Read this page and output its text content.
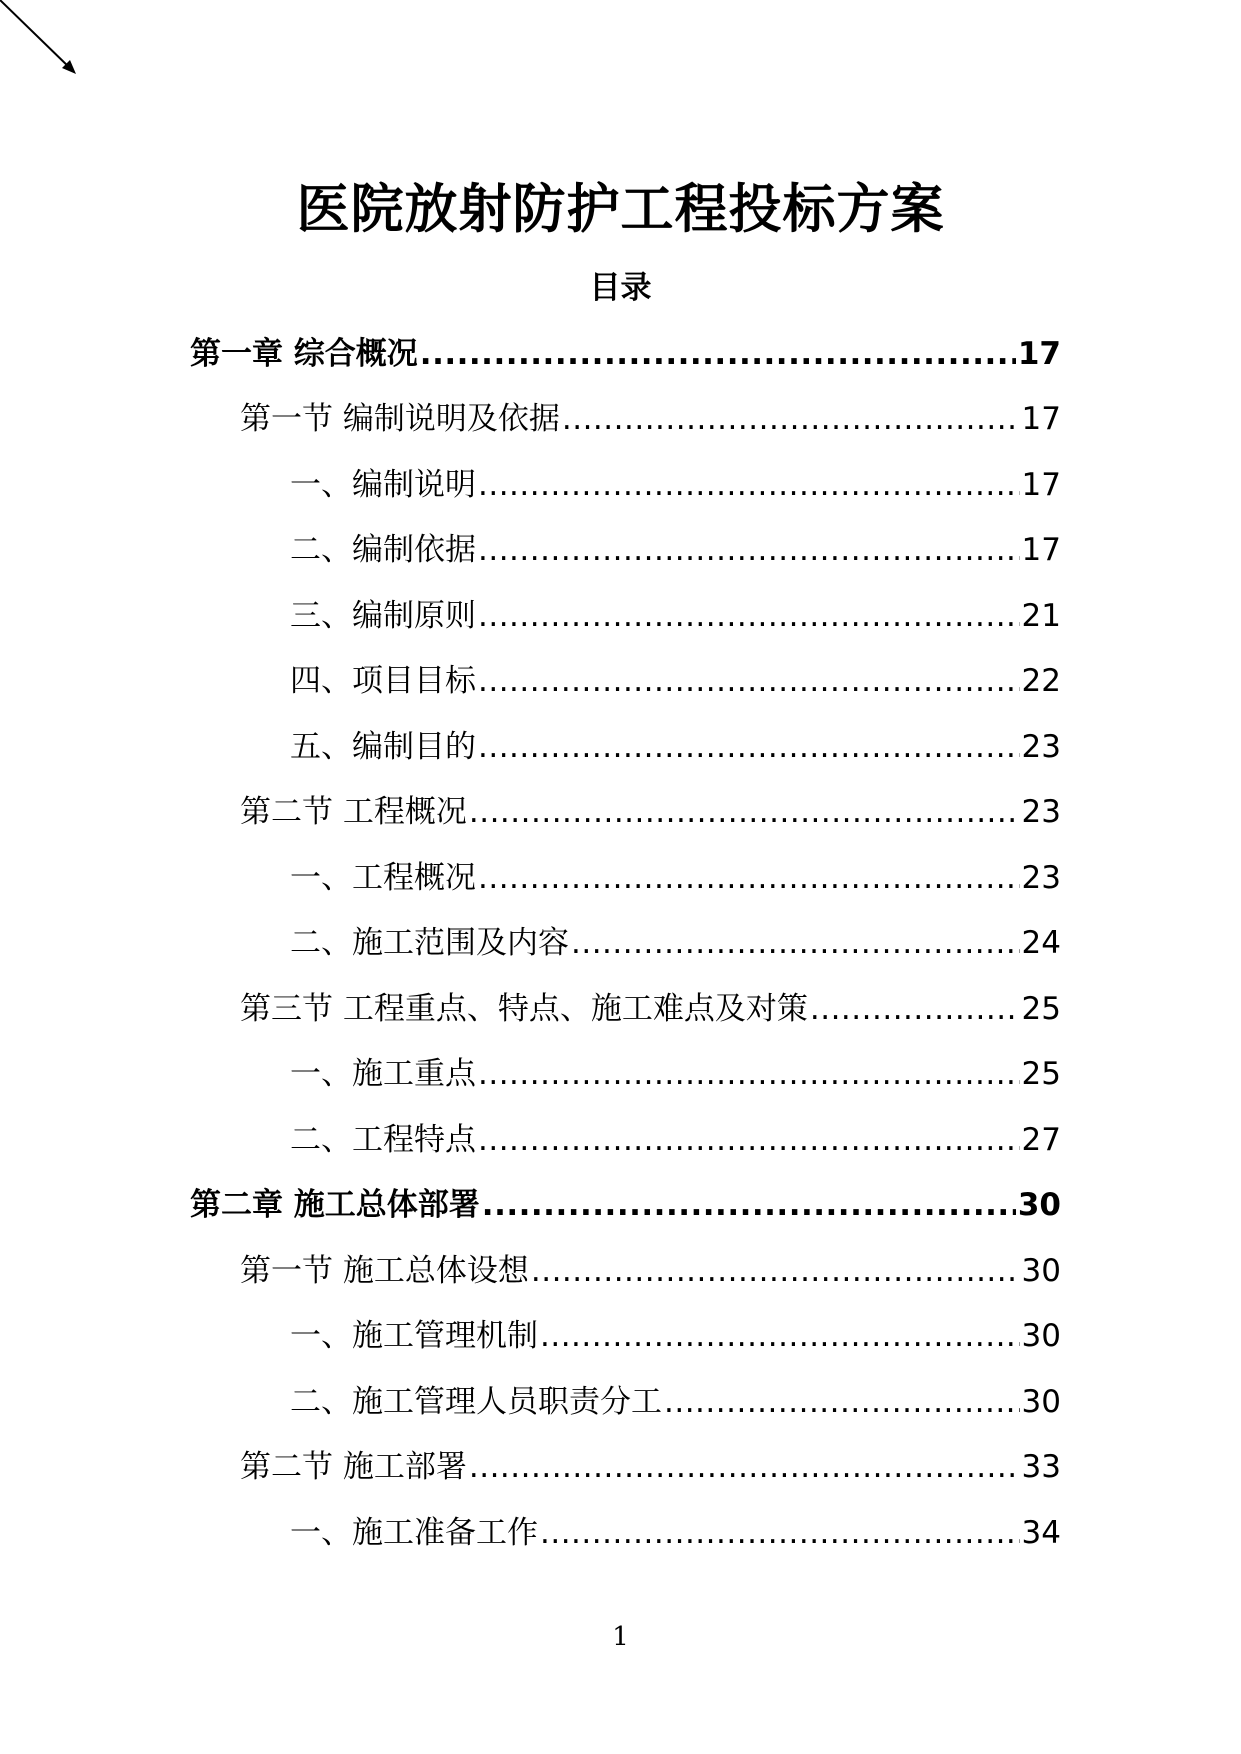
医院放射防护工程投标方案
目录
第一章 综合概况 .....	17
第一节 编制说明及依据 .....	17
一、编制说明 .....	17
二、编制依据 .....	17
三、编制原则 .....	21
四、项目目标 .....	22
五、编制目的 .....	23
第二节 工程概况 .....	23
一、工程概况 .....	23
二、施工范围及内容 .....	24
第三节 工程重点、特点、施工难点及对策 .....	25
一、施工重点 .....	25
二、工程特点 .....	27
第二章 施工总体部署 .....	30
第一节 施工总体设想 .....	30
一、施工管理机制 .....	30
二、施工管理人员职责分工 .....	30
第二节 施工部署 .....	33
一、施工准备工作 .....	34
1
